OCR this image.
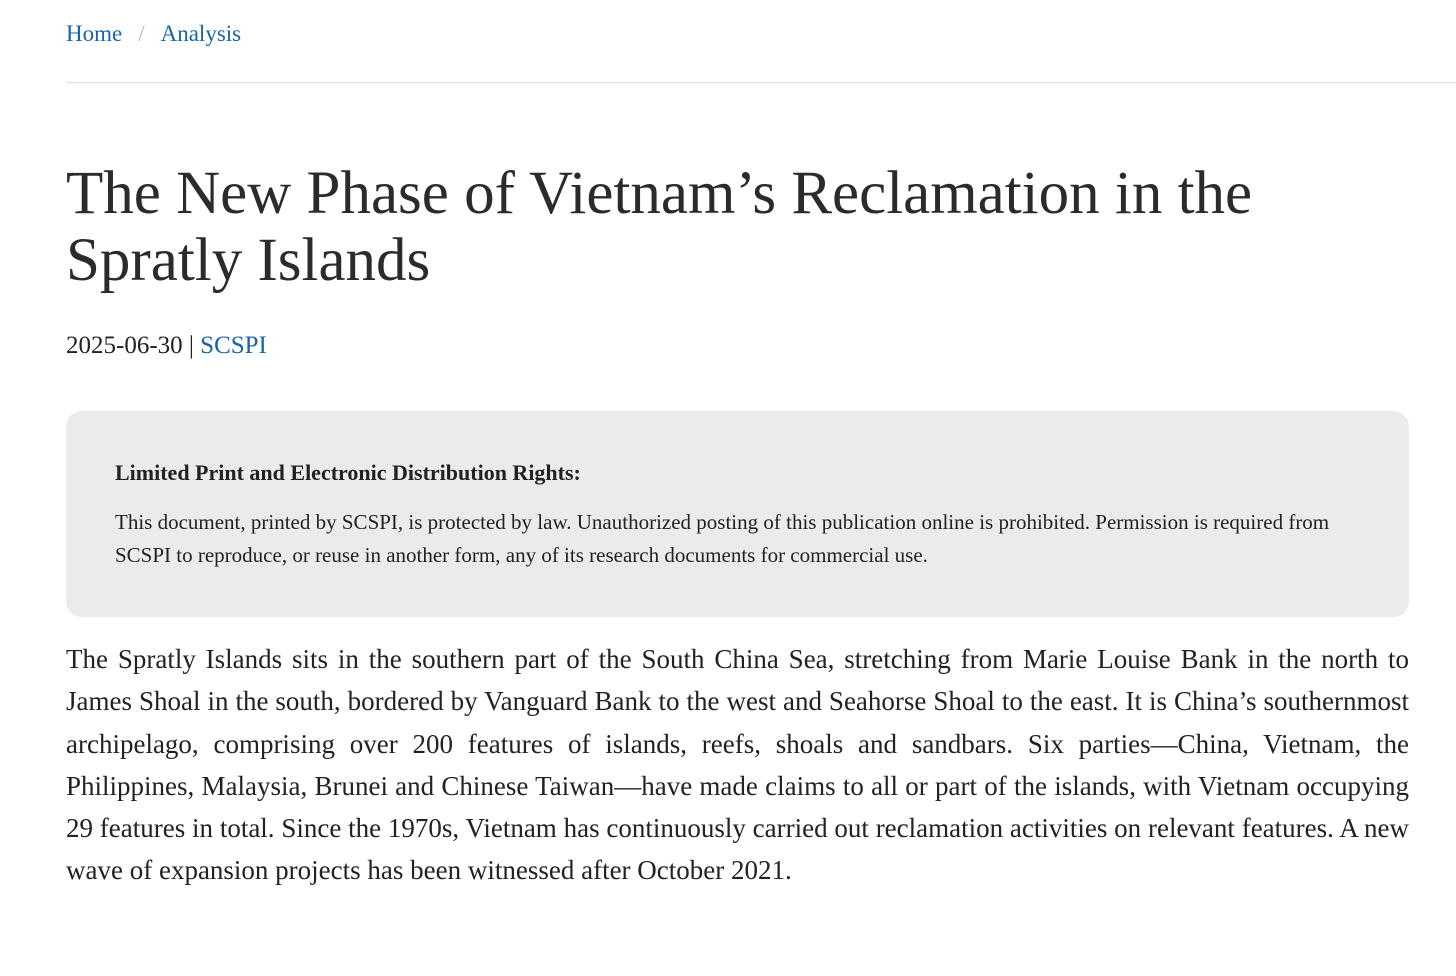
Home / Analysis
The New Phase of Vietnam’s Reclamation in the Spratly Islands
2025-06-30 | SCSPI

Limited Print and Electronic Distribution Rights:

This document, printed by SCSPI, is protected by law. Unauthorized posting of this publication online is prohibited. Permission is required from SCSPI to reproduce, or reuse in another form, any of its research documents for commercial use.

The Spratly Islands sits in the southern part of the South China Sea, stretching from Marie Louise Bank in the north to James Shoal in the south, bordered by Vanguard Bank to the west and Seahorse Shoal to the east. It is China’s southernmost archipelago, comprising over 200 features of islands, reefs, shoals and sandbars. Six parties—China, Vietnam, the Philippines, Malaysia, Brunei and Chinese Taiwan—have made claims to all or part of the islands, with Vietnam occupying 29 features in total. Since the 1970s, Vietnam has continuously carried out reclamation activities on relevant features. A new wave of expansion projects has been witnessed after October 2021.
